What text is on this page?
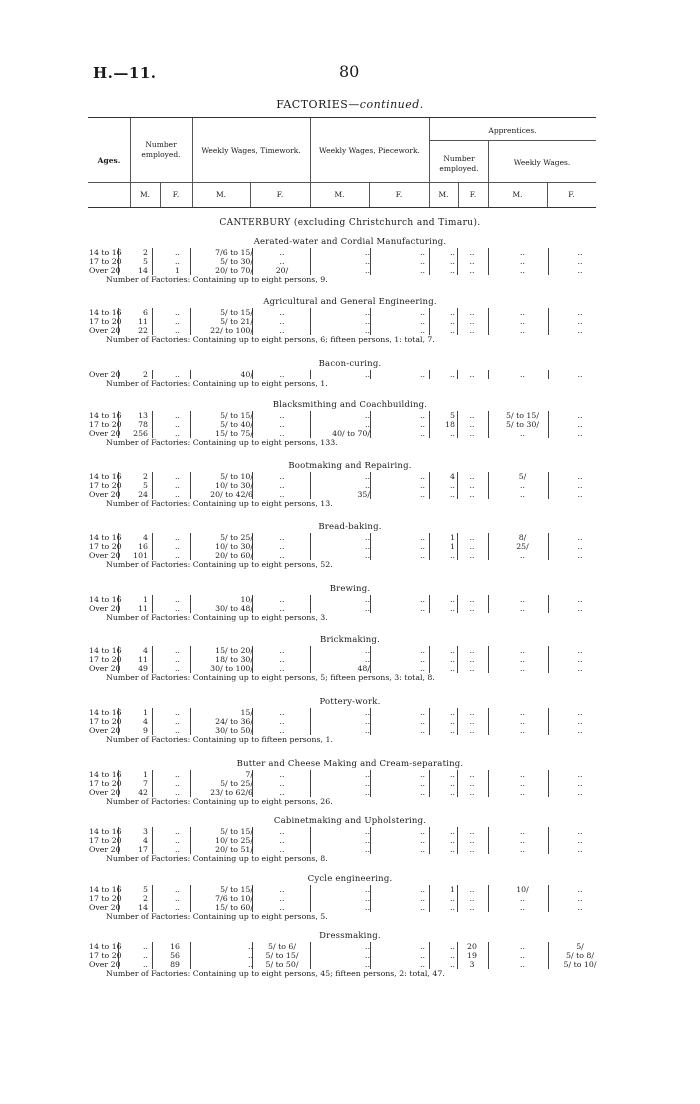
H.—11.	80
FACTORIES—continued.
Ages.
Number employed.	Weekly Wages, Timework.	Weekly Wages, Piecework.
Apprentices.
Number employed.
Weekly Wages.
M.	F.	M.	F.	M.	F.	M.	F.	M.	F.
CANTERBURY (excluding Christchurch and Timaru).
Aerated-water and Cordial Manufacturing.
14 to 16	2	..	7/6 to 15/	..	..	..	..	..	..	..
17 to 20	5	..	5/ to 30/	..	..	..	..	..	..	..
Over 20	14	1	20/ to 70/	20/	..	..	..	..	..	..
Number of Factories: Containing up to eight persons, 9.
Agricultural and General Engineering.
14 to 16	6	..	5/ to 15/	..	..	..	..	..	..	..
17 to 20	11	..	5/ to 21/	..	..	..	..	..	..	..
Over 20	22	..	22/ to 100/	..	..	..	..	..	..	..
Number of Factories: Containing up to eight persons, 6; fifteen persons, 1: total, 7.
Bacon-curing.
Over 20	2	..	40/	..	..	..	..	..	..	..
Number of Factories: Containing up to eight persons, 1.
Blacksmithing and Coachbuilding.
14 to 16	13	..	5/ to 15/	..	..	..	5	..	5/ to 15/	..
17 to 20	78	..	5/ to 40/	..	..	..	18	..	5/ to 30/	..
Over 20	256	..	15/ to 75/	..	40/ to 70/	..	..	..	..	..
Number of Factories: Containing up to eight persons, 133.
Bootmaking and Repairing.
14 to 16	2	..	5/ to 10/	..	..	..	4	..	5/	..
17 to 20	5	..	10/ to 30/	..	..	..	..	..	..	..
Over 20	24	..	20/ to 42/6	..	35/	..	..	..	..	..
Number of Factories: Containing up to eight persons, 13.
Bread-baking.
14 to 16	4	..	5/ to 25/	..	..	..	1	..	8/	..
17 to 20	16	..	10/ to 30/	..	..	..	1	..	25/	..
Over 20	101	..	20/ to 60/	..	..	..	..	..	..	..
Number of Factories: Containing up to eight persons, 52.
Brewing.
14 to 16	1	..	10/	..	..	..	..	..	..	..
Over 20	11	..	30/ to 48/	..	..	..	..	..	..	..
Number of Factories: Containing up to eight persons, 3.
Brickmaking.
14 to 16	4	..	15/ to 20/	..	..	..	..	..	..	..
17 to 20	11	..	18/ to 30/	..	..	..	..	..	..	..
Over 20	49	..	30/ to 100/	..	48/	..	..	..	..	..
Number of Factories: Containing up to eight persons, 5; fifteen persons, 3: total, 8.
Pottery-work.
14 to 16	1	..	15/	..	..	..	..	..	..	..
17 to 20	4	..	24/ to 36/	..	..	..	..	..	..	..
Over 20	9	..	30/ to 50/	..	..	..	..	..	..	..
Number of Factories: Containing up to fifteen persons, 1.
Butter and Cheese Making and Cream-separating.
14 to 16	1	..	7/	..	..	..	..	..	..	..
17 to 20	7	..	5/ to 25/	..	..	..	..	..	..	..
Over 20	42	..	23/ to 62/6	..	..	..	..	..	..	..
Number of Factories: Containing up to eight persons, 26.
Cabinetmaking and Upholstering.
14 to 16	3	..	5/ to 15/	..	..	..	..	..	..	..
17 to 20	4	..	10/ to 25/	..	..	..	..	..	..	..
Over 20	17	..	20/ to 51/	..	..	..	..	..	..	..
Number of Factories: Containing up to eight persons, 8.
Cycle engineering.
14 to 16	5	..	5/ to 15/	..	..	..	1	..	10/	..
17 to 20	2	..	7/6 to 10/	..	..	..	..	..	..	..
Over 20	14	..	15/ to 60/	..	..	..	..	..	..	..
Number of Factories: Containing up to eight persons, 5.
Dressmaking.
14 to 16	..	16	..	5/ to 6/	..	..	..	20	..	5/
17 to 20	..	56	..	5/ to 15/	..	..	..	19	..	5/ to 8/
Over 20	..	89	..	5/ to 50/	..	..	..	3	..	5/ to 10/
Number of Factories: Containing up to eight persons, 45; fifteen persons, 2: total, 47.
